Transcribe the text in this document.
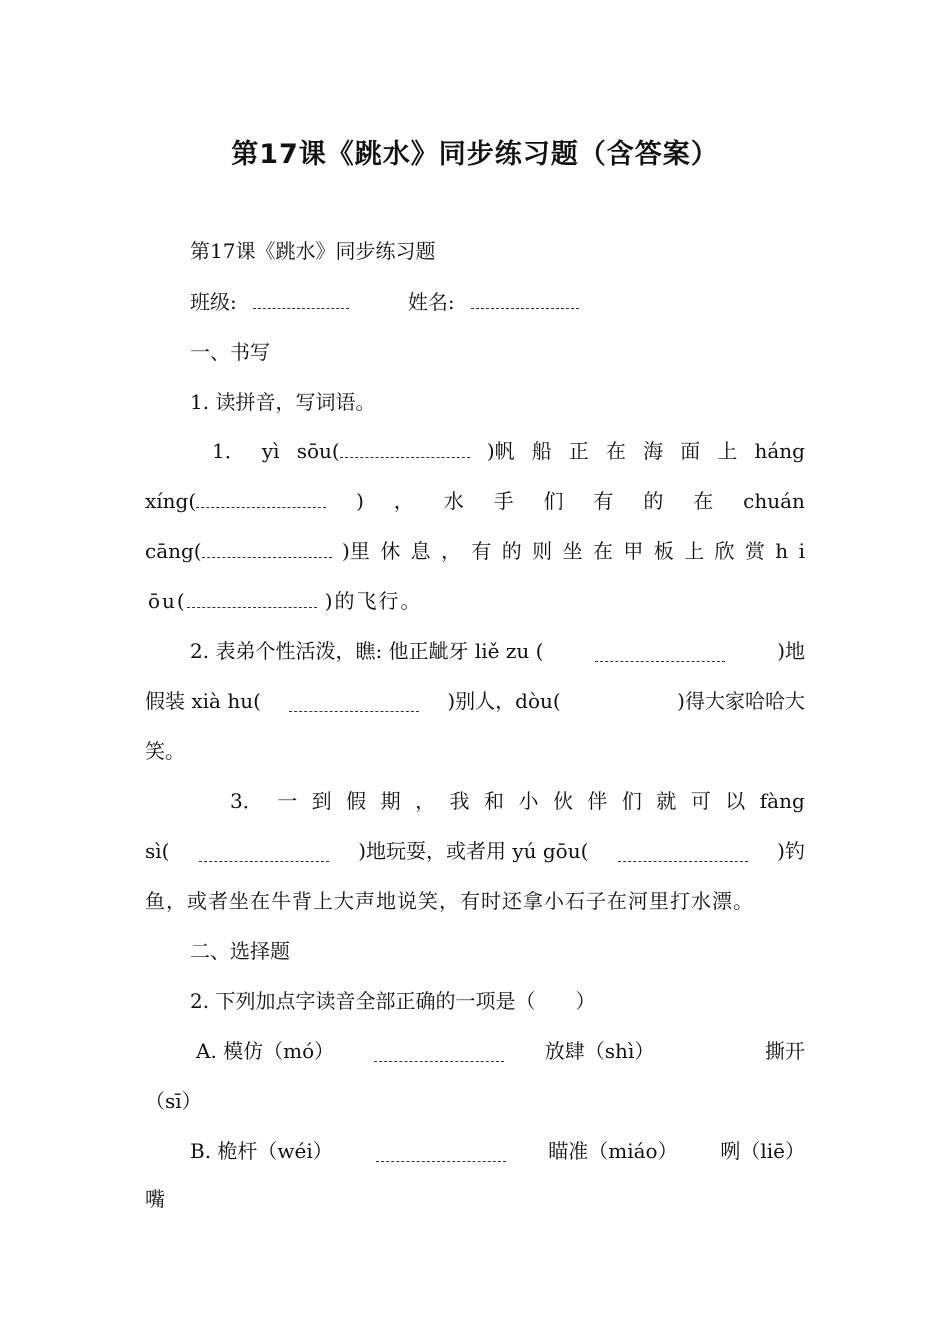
第17课《跳水》同步练习题（含答案）
第17课《跳水》同步练习题
班级:	姓名:
一、书写
1. 读拼音，写词语。
1． yì sōu(	)帆 船 正 在 海 面 上 háng
xíng(	) ， 水 手 们 有 的 在 chuán
cāng(	)里 休 息 ， 有 的 则 坐 在 甲 板 上 欣 赏 h i
ōu(	)的飞行。
2. 表弟个性活泼，瞧: 他正龇牙 liě zu (	)地
假装 xià hu(	)别人，dòu(	)得大家哈哈大
笑。
3． 一 到 假 期 ， 我 和 小 伙 伴 们 就 可 以 fàng
sì(	)地玩耍，或者用 yú gōu(	)钓
鱼，或者坐在牛背上大声地说笑，有时还拿小石子在河里打水漂。
二、选择题
2. 下列加点字读音全部正确的一项是（　　）
A. 模仿（mó）	放肆（shì）	撕开
（sī）
B. 桅杆（wéi）	瞄准（miáo） 咧（liē）
嘴
